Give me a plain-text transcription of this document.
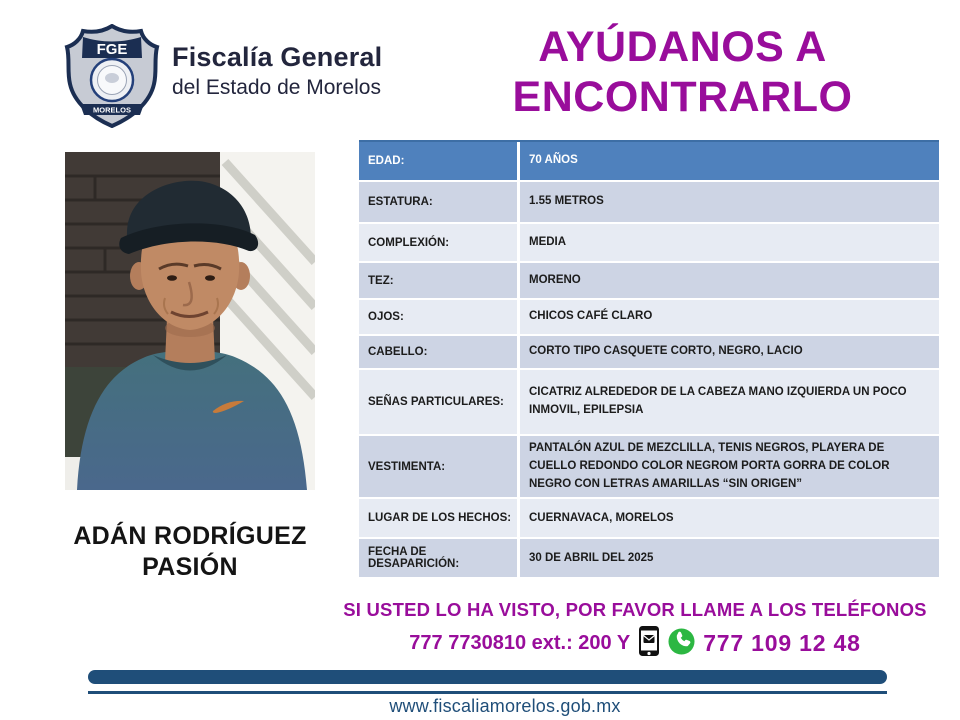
FGE
MORELOS
Fiscalía General
del Estado de Morelos
AYÚDANOS A
ENCONTRARLO
ADÁN RODRÍGUEZ PASIÓN
EDAD:	70 AÑOS
ESTATURA:	1.55 METROS
COMPLEXIÓN:	MEDIA
TEZ:	MORENO
OJOS:	CHICOS CAFÉ CLARO
CABELLO:	CORTO TIPO CASQUETE CORTO, NEGRO, LACIO
SEÑAS PARTICULARES:
CICATRIZ ALREDEDOR DE LA CABEZA MANO IZQUIERDA UN POCO INMOVIL, EPILEPSIA
VESTIMENTA:
PANTALÓN AZUL DE MEZCLILLA, TENIS NEGROS, PLAYERA DE CUELLO REDONDO COLOR NEGROM PORTA GORRA DE COLOR NEGRO CON LETRAS AMARILLAS “SIN ORIGEN”
LUGAR DE LOS HECHOS:	CUERNAVACA, MORELOS
FECHA DE DESAPARICIÓN:
30 DE ABRIL DEL 2025
SI USTED LO HA VISTO, POR FAVOR LLAME A LOS TELÉFONOS
777 7730810 ext.: 200 Y	777 109 12 48
www.fiscaliamorelos.gob.mx
